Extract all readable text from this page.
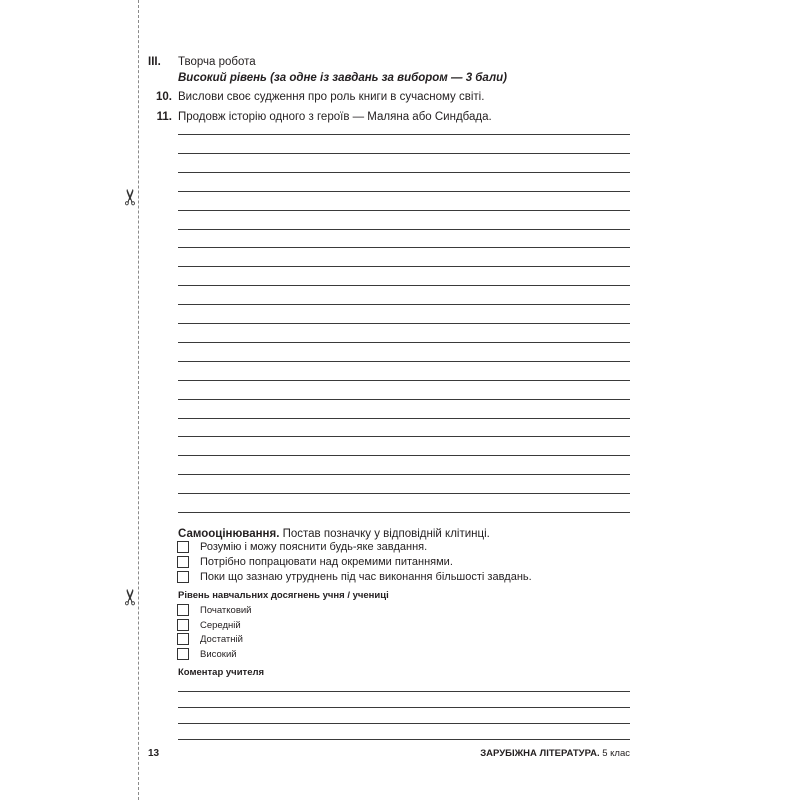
✂
✂
III. Творча робота
Високий рівень (за одне із завдань за вибором — 3 бали)
10. Вислови своє судження про роль книги в сучасному світі.
11. Продовж історію одного з героїв — Маляна або Синдбада.
Самооцінювання. Постав позначку у відповідній клітинці.
Розумію і можу пояснити будь-яке завдання.
Потрібно попрацювати над окремими питаннями.
Поки що зазнаю утруднень під час виконання більшості завдань.
Рівень навчальних досягнень учня / учениці
Початковий
Середній
Достатній
Високий
Коментар учителя
13	ЗАРУБІЖНА ЛІТЕРАТУРА. 5 клас
